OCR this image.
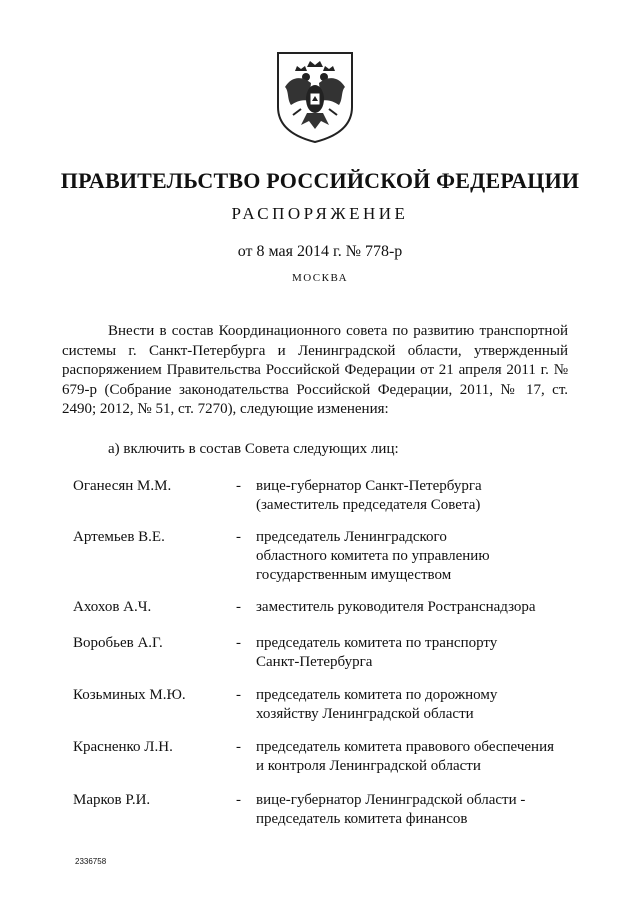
ПРАВИТЕЛЬСТВО РОССИЙСКОЙ ФЕДЕРАЦИИ
РАСПОРЯЖЕНИЕ
от 8 мая 2014 г. № 778-р
МОСКВА

Внести в состав Координационного совета по развитию транспортной системы г. Санкт-Петербурга и Ленинградской области, утвержденный распоряжением Правительства Российской Федерации от 21 апреля 2011 г. № 679-р (Собрание законодательства Российской Федерации, 2011, № 17, ст. 2490; 2012, № 51, ст. 7270), следующие изменения:

а) включить в состав Совета следующих лиц:
Оганесян М.М.	- вице-губернатор Санкт-Петербурга
(заместитель председателя Совета)
Артемьев В.Е.	- председатель Ленинградского
областного комитета по управлению
государственным имуществом
Ахохов А.Ч.	- заместитель руководителя Ространснадзора
Воробьев А.Г.	- председатель комитета по транспорту
Санкт-Петербурга
Козьминых М.Ю.	- председатель комитета по дорожному
хозяйству Ленинградской области
Красненко Л.Н.	- председатель комитета правового обеспечения
и контроля Ленинградской области
Марков Р.И.	- вице-губернатор Ленинградской области -
председатель комитета финансов
2336758
